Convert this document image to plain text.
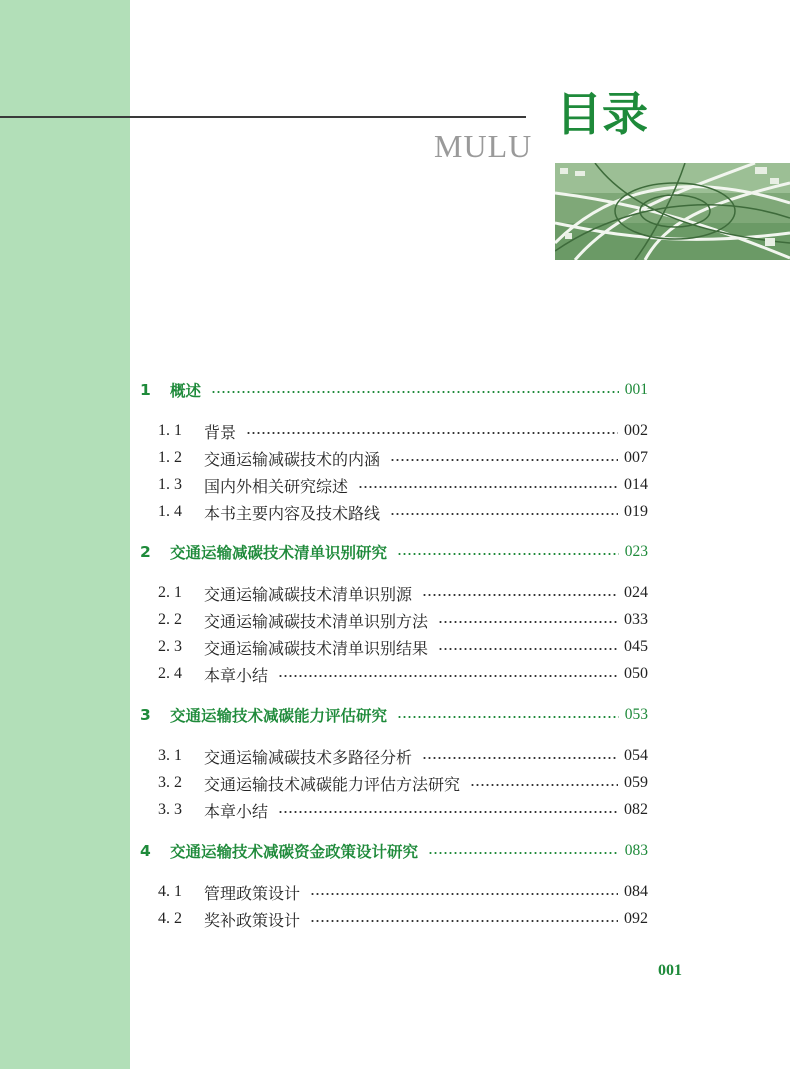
目录
MULU
1	概述	001
1. 1	背景	002
1. 2	交通运输减碳技术的内涵	007
1. 3	国内外相关研究综述	014
1. 4	本书主要内容及技术路线	019
2	交通运输减碳技术清单识别研究	023
2. 1	交通运输减碳技术清单识别源	024
2. 2	交通运输减碳技术清单识别方法	033
2. 3	交通运输减碳技术清单识别结果	045
2. 4	本章小结	050
3	交通运输技术减碳能力评估研究	053
3. 1	交通运输减碳技术多路径分析	054
3. 2	交通运输技术减碳能力评估方法研究	059
3. 3	本章小结	082
4	交通运输技术减碳资金政策设计研究	083
4. 1	管理政策设计	084
4. 2	奖补政策设计	092
001
